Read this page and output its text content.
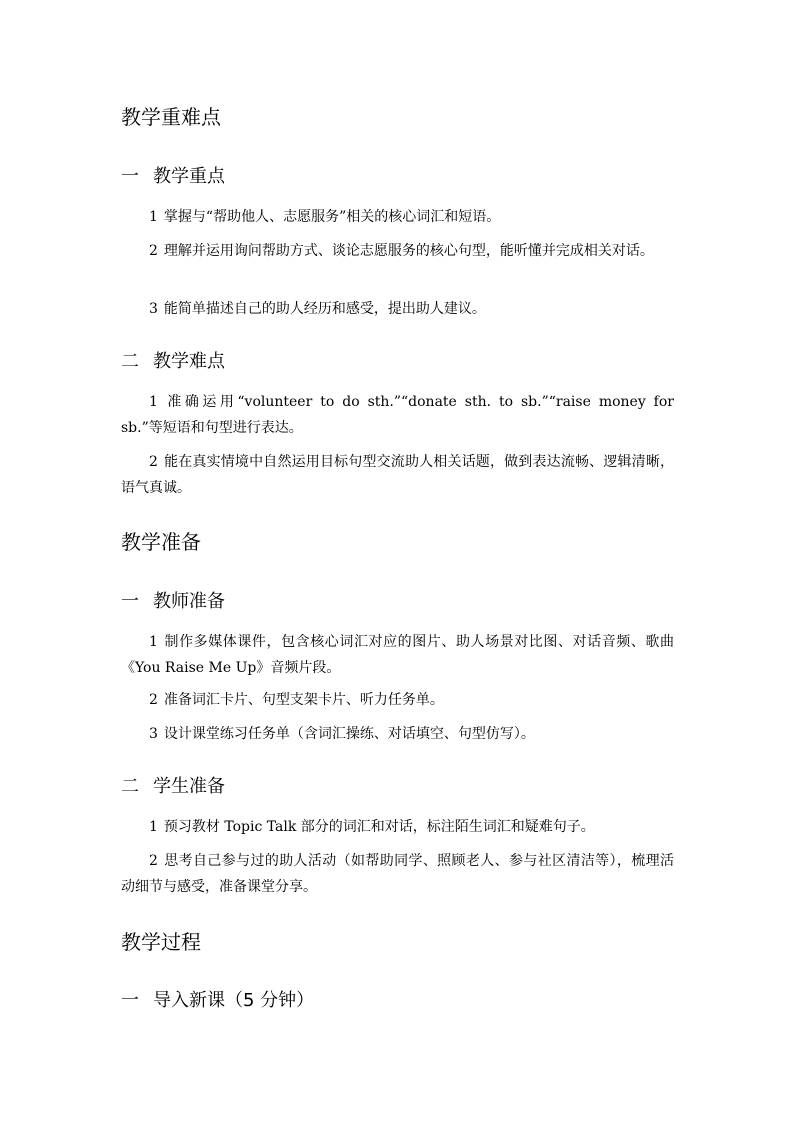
教学重难点
一 教学重点

1 掌握与“帮助他人、志愿服务”相关的核心词汇和短语。

2 理解并运用询问帮助方式、谈论志愿服务的核心句型，能听懂并完成相关对话。

3 能简单描述自己的助人经历和感受，提出助人建议。

二 教学难点

1 准确运用“volunteer to do sth.”“donate sth. to sb.”“raise money for sb.”等短语和句型进行表达。

2 能在真实情境中自然运用目标句型交流助人相关话题，做到表达流畅、逻辑清晰，语气真诚。

教学准备
一 教师准备

1 制作多媒体课件，包含核心词汇对应的图片、助人场景对比图、对话音频、歌曲《You Raise Me Up》音频片段。

2 准备词汇卡片、句型支架卡片、听力任务单。

3 设计课堂练习任务单（含词汇操练、对话填空、句型仿写）。

二 学生准备

1 预习教材 Topic Talk 部分的词汇和对话，标注陌生词汇和疑难句子。

2 思考自己参与过的助人活动（如帮助同学、照顾老人、参与社区清洁等），梳理活动细节与感受，准备课堂分享。

教学过程
一 导入新课（5 分钟）
